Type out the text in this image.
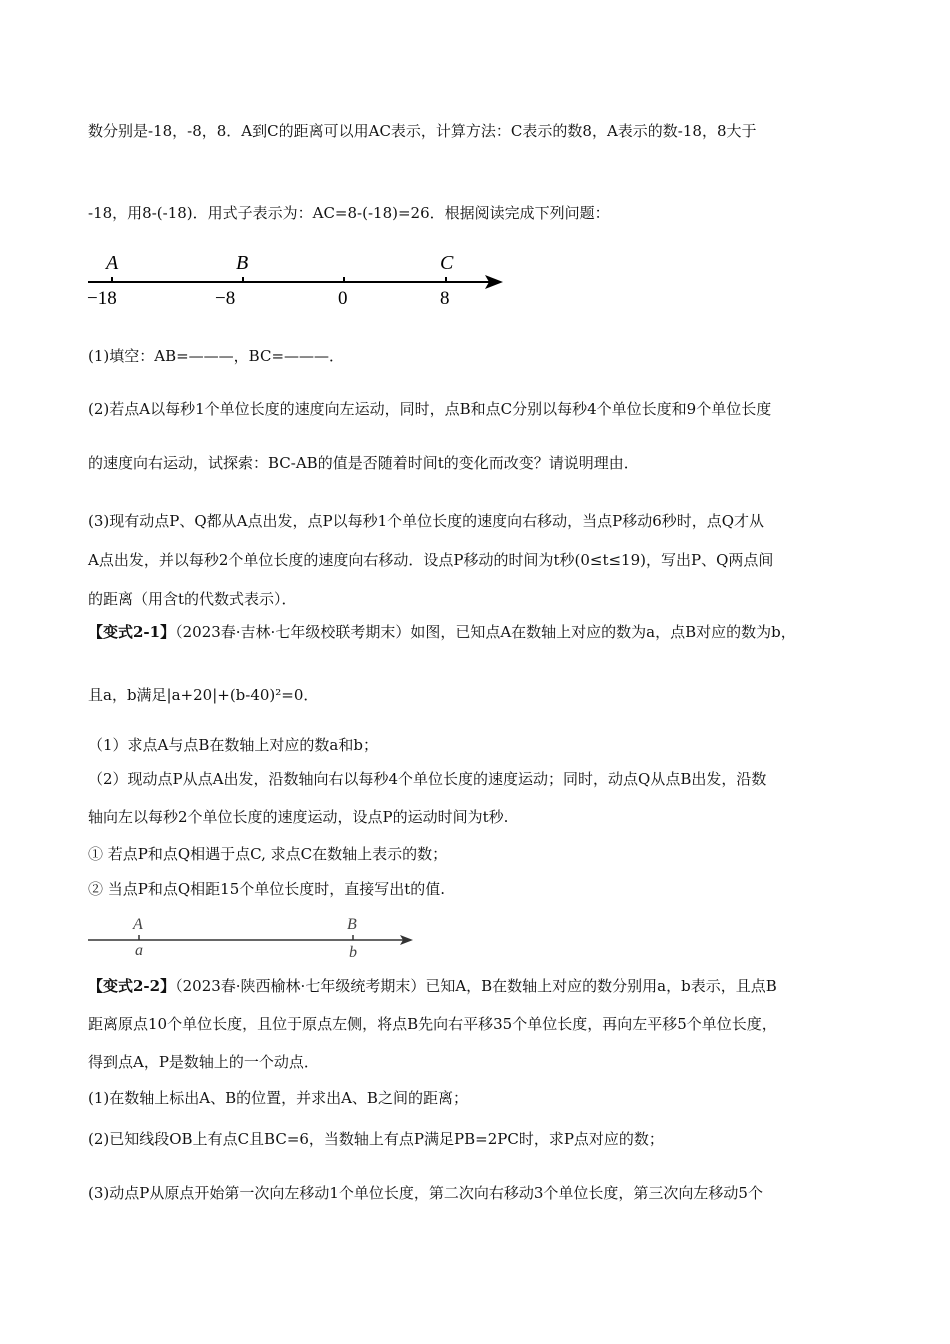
数分别是-18，-8，8．A到C的距离可以用AC表示，计算方法：C表示的数8，A表示的数-18，8大于
-18，用8-(-18)．用式子表示为：AC=8-(-18)=26．根据阅读完成下列问题：
A	B	C
−18	−8	0	8
(1)填空：AB=———，BC=———．
(2)若点A以每秒1个单位长度的速度向左运动，同时，点B和点C分别以每秒4个单位长度和9个单位长度
的速度向右运动，试探索：BC-AB的值是否随着时间t的变化而改变？请说明理由．
(3)现有动点P、Q都从A点出发，点P以每秒1个单位长度的速度向右移动，当点P移动6秒时，点Q才从
A点出发，并以每秒2个单位长度的速度向右移动．设点P移动的时间为t秒(0≤t≤19)，写出P、Q两点间
的距离（用含t的代数式表示）．
【变式2-1】（2023春·吉林·七年级校联考期末）如图，已知点A在数轴上对应的数为a，点B对应的数为b，
且a，b满足|a+20|+(b-40)²=0．
（1）求点A与点B在数轴上对应的数a和b；
（2）现动点P从点A出发，沿数轴向右以每秒4个单位长度的速度运动；同时，动点Q从点B出发，沿数
轴向左以每秒2个单位长度的速度运动，设点P的运动时间为t秒.
① 若点P和点Q相遇于点C, 求点C在数轴上表示的数；
② 当点P和点Q相距15个单位长度时，直接写出t的值.
A	B
a	b
【变式2-2】（2023春·陕西榆林·七年级统考期末）已知A，B在数轴上对应的数分别用a，b表示，且点B
距离原点10个单位长度，且位于原点左侧，将点B先向右平移35个单位长度，再向左平移5个单位长度，
得到点A，P是数轴上的一个动点．
(1)在数轴上标出A、B的位置，并求出A、B之间的距离；
(2)已知线段OB上有点C且BC=6，当数轴上有点P满足PB=2PC时，求P点对应的数；
(3)动点P从原点开始第一次向左移动1个单位长度，第二次向右移动3个单位长度，第三次向左移动5个
